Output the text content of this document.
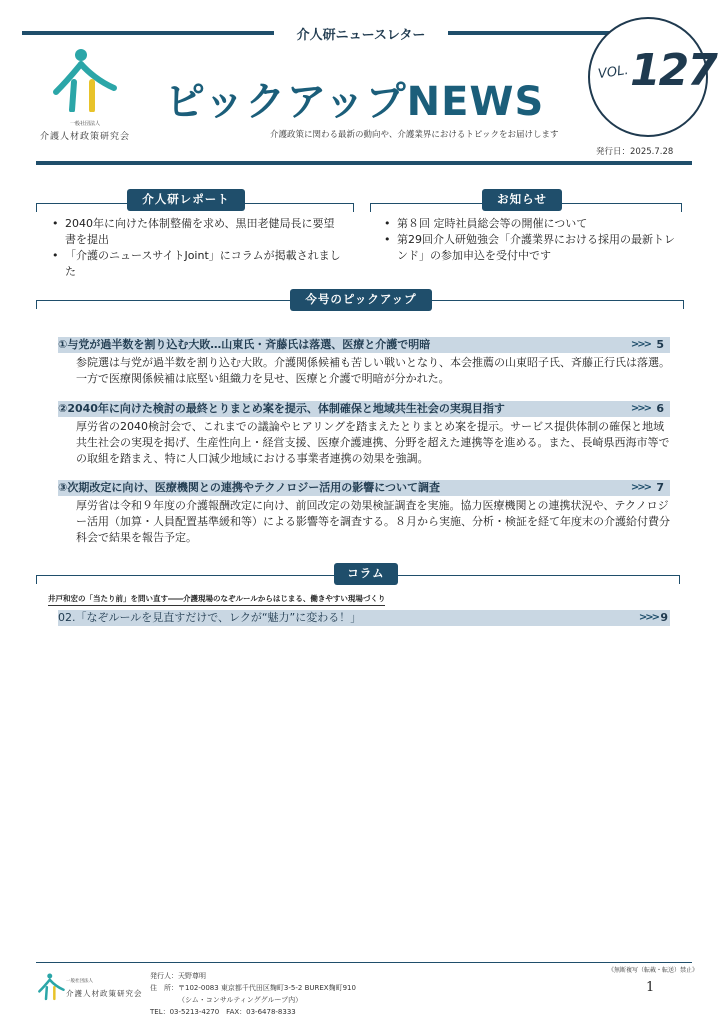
介人研ニュースレター
一般社団法人
介護人材政策研究会
ピックアップNEWS
介護政策に関わる最新の動向や、介護業界におけるトピックをお届けします
発行日：2025.7.28
VOL. 127
介人研レポート
• 2040年に向けた体制整備を求め、黒田老健局長に要望書を提出
• 「介護のニュースサイトJoint」にコラムが掲載されました
お知らせ
• 第８回 定時社員総会等の開催について
• 第29回介人研勉強会「介護業界における採用の最新トレンド」の参加申込を受付中です
今号のピックアップ
①与党が過半数を割り込む大敗…山東氏・斉藤氏は落選、医療と介護で明暗	>>> 5
参院選は与党が過半数を割り込む大敗。介護関係候補も苦しい戦いとなり、本会推薦の山東昭子氏、斉藤正行氏は落選。一方で医療関係候補は底堅い組織力を見せ、医療と介護で明暗が分かれた。
②2040年に向けた検討の最終とりまとめ案を提示、体制確保と地域共生社会の実現目指す	>>> 6
厚労省の2040検討会で、これまでの議論やヒアリングを踏まえたとりまとめ案を提示。サービス提供体制の確保と地域共生社会の実現を掲げ、生産性向上・経営支援、医療介護連携、分野を超えた連携等を進める。また、長崎県西海市等での取組を踏まえ、特に人口減少地域における事業者連携の効果を強調。
③次期改定に向け、医療機関との連携やテクノロジー活用の影響について調査	>>> 7
厚労省は令和９年度の介護報酬改定に向け、前回改定の効果検証調査を実施。協力医療機関との連携状況や、テクノロジー活用（加算・人員配置基準緩和等）による影響等を調査する。８月から実施、分析・検証を経て年度末の介護給付費分科会で結果を報告予定。
コラム
井戸和宏の「当たり前」を問い直す――介護現場のなぞルールからはじまる、働きやすい現場づくり
02.「なぞルールを見直すだけで、レクが“魅力”に変わる！」	>>> 9
一般社団法人
介護人材政策研究会
発行人：天野尊明
住　所：〒102-0083 東京都千代田区麹町3-5-2 BUREX麹町910
（シム・コンサルティンググループ内）
TEL：03-5213-4270　FAX：03-6478-8333
《無断複写（転載・転送）禁止》
1
